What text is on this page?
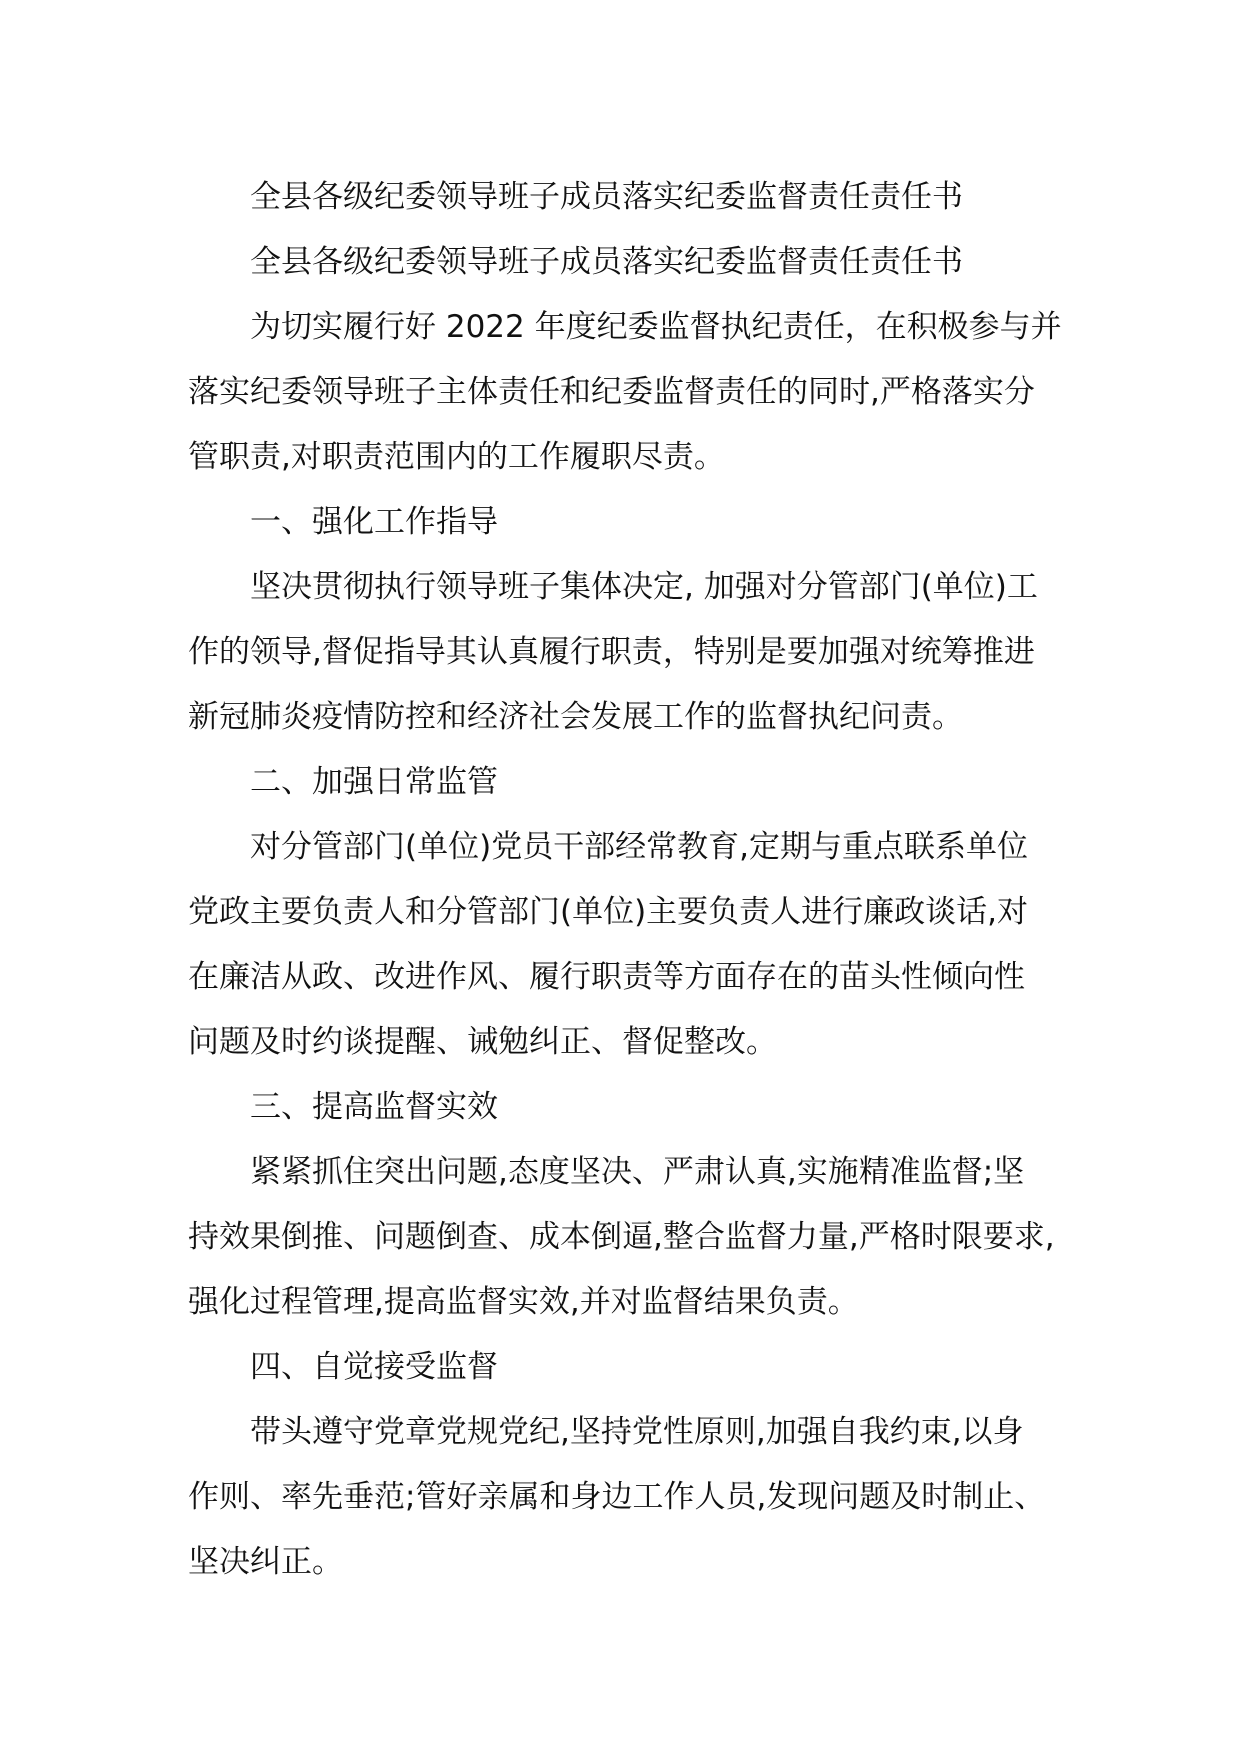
全县各级纪委领导班子成员落实纪委监督责任责任书

全县各级纪委领导班子成员落实纪委监督责任责任书

为切实履行好 2022 年度纪委监督执纪责任，在积极参与并

落实纪委领导班子主体责任和纪委监督责任的同时,严格落实分

管职责,对职责范围内的工作履职尽责。

一、强化工作指导

坚决贯彻执行领导班子集体决定, 加强对分管部门(单位)工

作的领导,督促指导其认真履行职责，特别是要加强对统筹推进

新冠肺炎疫情防控和经济社会发展工作的监督执纪问责。

二、加强日常监管

对分管部门(单位)党员干部经常教育,定期与重点联系单位

党政主要负责人和分管部门(单位)主要负责人进行廉政谈话,对

在廉洁从政、改进作风、履行职责等方面存在的苗头性倾向性

问题及时约谈提醒、诫勉纠正、督促整改。

三、提高监督实效

紧紧抓住突出问题,态度坚决、严肃认真,实施精准监督;坚

持效果倒推、问题倒查、成本倒逼,整合监督力量,严格时限要求,

强化过程管理,提高监督实效,并对监督结果负责。

四、自觉接受监督

带头遵守党章党规党纪,坚持党性原则,加强自我约束,以身

作则、率先垂范;管好亲属和身边工作人员,发现问题及时制止、

坚决纠正。
